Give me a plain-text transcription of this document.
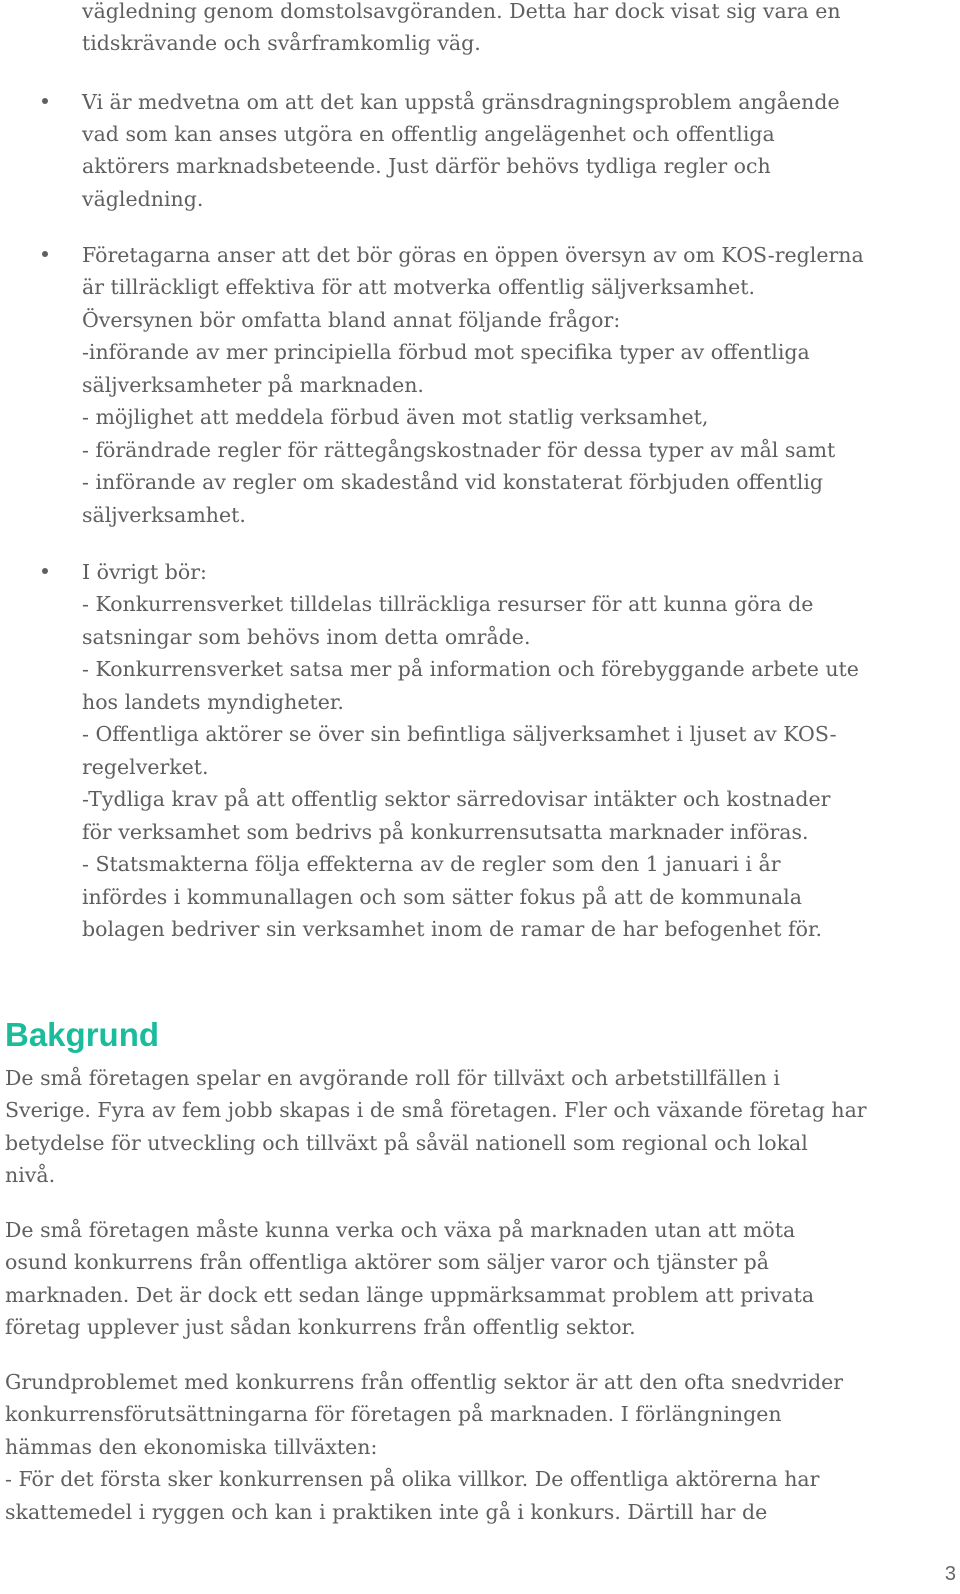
vägledning genom domstolsavgöranden. Detta har dock visat sig vara en

tidskrävande och svårframkomlig väg.

Vi är medvetna om att det kan uppstå gränsdragningsproblem angående

vad som kan anses utgöra en offentlig angelägenhet och offentliga

aktörers marknadsbeteende. Just därför behövs tydliga regler och

vägledning.

Företagarna anser att det bör göras en öppen översyn av om KOS-reglerna

är tillräckligt effektiva för att motverka offentlig säljverksamhet.

Översynen bör omfatta bland annat följande frågor:

-införande av mer principiella förbud mot specifika typer av offentliga

säljverksamheter på marknaden.

- möjlighet att meddela förbud även mot statlig verksamhet,

- förändrade regler för rättegångskostnader för dessa typer av mål samt

- införande av regler om skadestånd vid konstaterat förbjuden offentlig

säljverksamhet.

I övrigt bör:

- Konkurrensverket tilldelas tillräckliga resurser för att kunna göra de

satsningar som behövs inom detta område.

- Konkurrensverket satsa mer på information och förebyggande arbete ute

hos landets myndigheter.

- Offentliga aktörer se över sin befintliga säljverksamhet i ljuset av KOS-

regelverket.

-Tydliga krav på att offentlig sektor särredovisar intäkter och kostnader

för verksamhet som bedrivs på konkurrensutsatta marknader införas.

- Statsmakterna följa effekterna av de regler som den 1 januari i år

infördes i kommunallagen och som sätter fokus på att de kommunala

bolagen bedriver sin verksamhet inom de ramar de har befogenhet för.

Bakgrund

De små företagen spelar en avgörande roll för tillväxt och arbetstillfällen i

Sverige. Fyra av fem jobb skapas i de små företagen. Fler och växande företag har

betydelse för utveckling och tillväxt på såväl nationell som regional och lokal

nivå.

De små företagen måste kunna verka och växa på marknaden utan att möta

osund konkurrens från offentliga aktörer som säljer varor och tjänster på

marknaden. Det är dock ett sedan länge uppmärksammat problem att privata

företag upplever just sådan konkurrens från offentlig sektor.

Grundproblemet med konkurrens från offentlig sektor är att den ofta snedvrider

konkurrensförutsättningarna för företagen på marknaden. I förlängningen

hämmas den ekonomiska tillväxten:

- För det första sker konkurrensen på olika villkor. De offentliga aktörerna har

skattemedel i ryggen och kan i praktiken inte gå i konkurs. Därtill har de

3
